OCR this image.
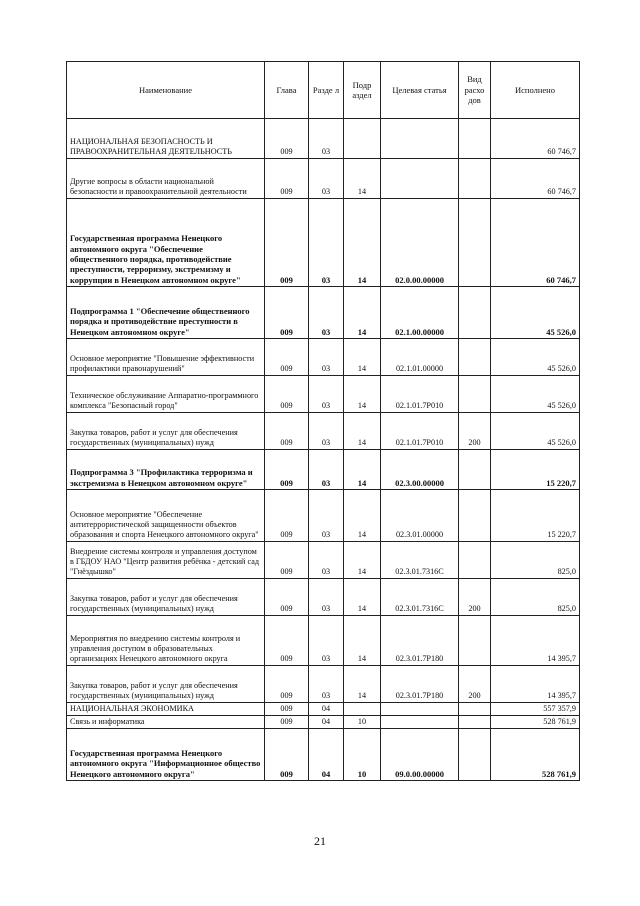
Наименование	Глава	Разде л	Подр аздел	Целевая статья	Вид расхо дов	Исполнено
НАЦИОНАЛЬНАЯ БЕЗОПАСНОСТЬ И ПРАВООХРАНИТЕЛЬНАЯ ДЕЯТЕЛЬНОСТЬ	009	03				60 746,7
Другие вопросы в области национальной безопасности и правоохранительной деятельности	009	03	14			60 746,7
Государственная программа Ненецкого автономного округа "Обеспечение общественного порядка, противодействие преступности, терроризму, экстремизму и коррупции в Ненецком автономном округе"	009	03	14	02.0.00.00000		60 746,7
Подпрограмма 1 "Обеспечение общественного порядка и противодействие преступности в Ненецком автономном округе"	009	03	14	02.1.00.00000		45 526,0
Основное мероприятие "Повышение эффективности профилактики правонарушений"	009	03	14	02.1.01.00000		45 526,0
Техническое обслуживание Аппаратно-программного комплекса "Безопасный город"	009	03	14	02.1.01.7P010		45 526,0
Закупка товаров, работ и услуг для обеспечения государственных (муниципальных) нужд	009	03	14	02.1.01.7P010	200	45 526,0
Подпрограмма 3 "Профилактика терроризма и экстремизма в Ненецком автономном округе"	009	03	14	02.3.00.00000		15 220,7
Основное мероприятие "Обеспечение антитеррористической защищенности объектов образования и спорта Ненецкого автономного округа"	009	03	14	02.3.01.00000		15 220,7
Внедрение системы контроля и управления доступом в ГБДОУ НАО "Центр развития ребёнка - детский сад "Гнёздышко"	009	03	14	02.3.01.7316C		825,0
Закупка товаров, работ и услуг для обеспечения государственных (муниципальных) нужд	009	03	14	02.3.01.7316C	200	825,0
Мероприятия по внедрению системы контроля и управления доступом в образовательных организациях Ненецкого автономного округа	009	03	14	02.3.01.7P180		14 395,7
Закупка товаров, работ и услуг для обеспечения государственных (муниципальных) нужд	009	03	14	02.3.01.7P180	200	14 395,7
НАЦИОНАЛЬНАЯ ЭКОНОМИКА	009	04				557 357,9
Связь и информатика	009	04	10			528 761,9
Государственная программа Ненецкого автономного округа "Информационное общество Ненецкого автономного округа"	009	04	10	09.0.00.00000		528 761,9
21
